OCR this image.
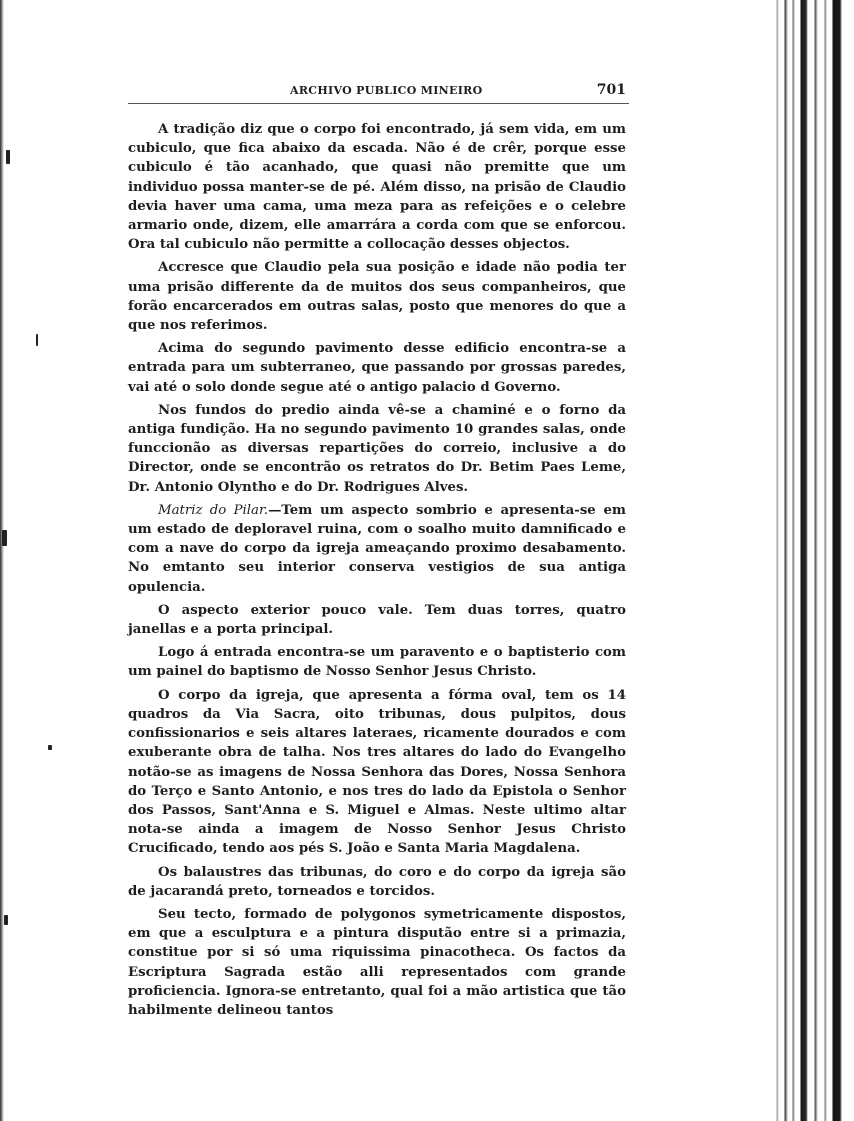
ARCHIVO PUBLICO MINEIRO	701

A tradição diz que o corpo foi encontrado, já sem vida, em um cubiculo, que fica abaixo da escada. Não é de crêr, porque esse cubiculo é tão acanhado, que quasi não premitte que um individuo possa manter-se de pé. Além disso, na prisão de Claudio devia haver uma cama, uma meza para as refeições e o celebre armario onde, dizem, elle amarrára a corda com que se enforcou. Ora tal cubiculo não permitte a collocação desses objectos.

Accresce que Claudio pela sua posição e idade não podia ter uma prisão differente da de muitos dos seus companheiros, que forão encarcerados em outras salas, posto que menores do que a que nos referimos.

Acima do segundo pavimento desse edificio encontra-se a entrada para um subterraneo, que passando por grossas paredes, vai até o solo donde segue até o antigo palacio d Governo.

Nos fundos do predio ainda vê-se a chaminé e o forno da antiga fundição. Ha no segundo pavimento 10 grandes salas, onde funccionão as diversas repartições do correio, inclusive a do Director, onde se encontrão os retratos do Dr. Betim Paes Leme, Dr. Antonio Olyntho e do Dr. Rodrigues Alves.

Matriz do Pilar.—Tem um aspecto sombrio e apresenta-se em um estado de deploravel ruina, com o soalho muito damnificado e com a nave do corpo da igreja ameaçando proximo desabamento. No emtanto seu interior conserva vestigios de sua antiga opulencia.

O aspecto exterior pouco vale. Tem duas torres, quatro janellas e a porta principal.

Logo á entrada encontra-se um paravento e o baptisterio com um painel do baptismo de Nosso Senhor Jesus Christo.

O corpo da igreja, que apresenta a fórma oval, tem os 14 quadros da Via Sacra, oito tribunas, dous pulpitos, dous confissionarios e seis altares lateraes, ricamente dourados e com exuberante obra de talha. Nos tres altares do lado do Evangelho notão-se as imagens de Nossa Senhora das Dores, Nossa Senhora do Terço e Santo Antonio, e nos tres do lado da Epistola o Senhor dos Passos, Sant'Anna e S. Miguel e Almas. Neste ultimo altar nota-se ainda a imagem de Nosso Senhor Jesus Christo Crucificado, tendo aos pés S. João e Santa Maria Magdalena.

Os balaustres das tribunas, do coro e do corpo da igreja são de jacarandá preto, torneados e torcidos.

Seu tecto, formado de polygonos symetricamente dispostos, em que a esculptura e a pintura disputão entre si a primazia, constitue por si só uma riquissima pinacotheca. Os factos da Escriptura Sagrada estão alli representados com grande proficiencia. Ignora-se entretanto, qual foi a mão artistica que tão habilmente delineou tantos
